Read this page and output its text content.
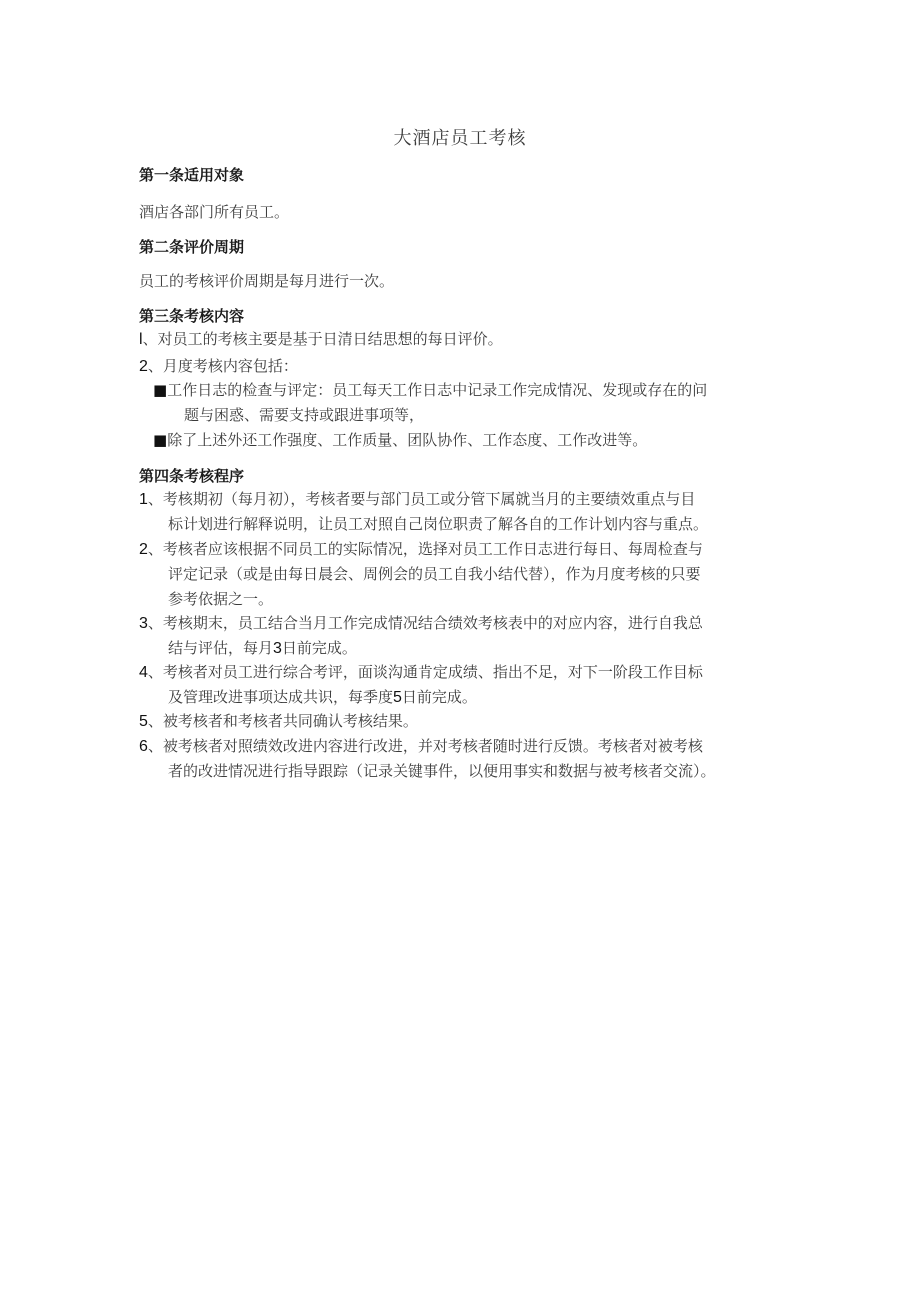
大酒店员工考核
第一条适用对象
酒店各部门所有员工。
第二条评价周期
员工的考核评价周期是每月进行一次。
第三条考核内容
l、对员工的考核主要是基于日清日结思想的每日评价。
2、月度考核内容包括：
■工作日志的检查与评定：员工每天工作日志中记录工作完成情况、发现或存在的问
题与困惑、需要支持或跟进事项等，
■除了上述外还工作强度、工作质量、团队协作、工作态度、工作改进等。
第四条考核程序
1、考核期初（每月初），考核者要与部门员工或分管下属就当月的主要绩效重点与目
标计划进行解释说明，让员工对照自己岗位职责了解各自的工作计划内容与重点。
2、考核者应该根据不同员工的实际情况，选择对员工工作日志进行每日、每周检查与
评定记录（或是由每日晨会、周例会的员工自我小结代替），作为月度考核的只要
参考依据之一。
3、考核期末，员工结合当月工作完成情况结合绩效考核表中的对应内容，进行自我总
结与评估，每月3日前完成。
4、考核者对员工进行综合考评，面谈沟通肯定成绩、指出不足，对下一阶段工作目标
及管理改进事项达成共识，每季度5日前完成。
5、被考核者和考核者共同确认考核结果。
6、被考核者对照绩效改进内容进行改进，并对考核者随时进行反馈。考核者对被考核
者的改进情况进行指导跟踪（记录关键事件，以便用事实和数据与被考核者交流）。
